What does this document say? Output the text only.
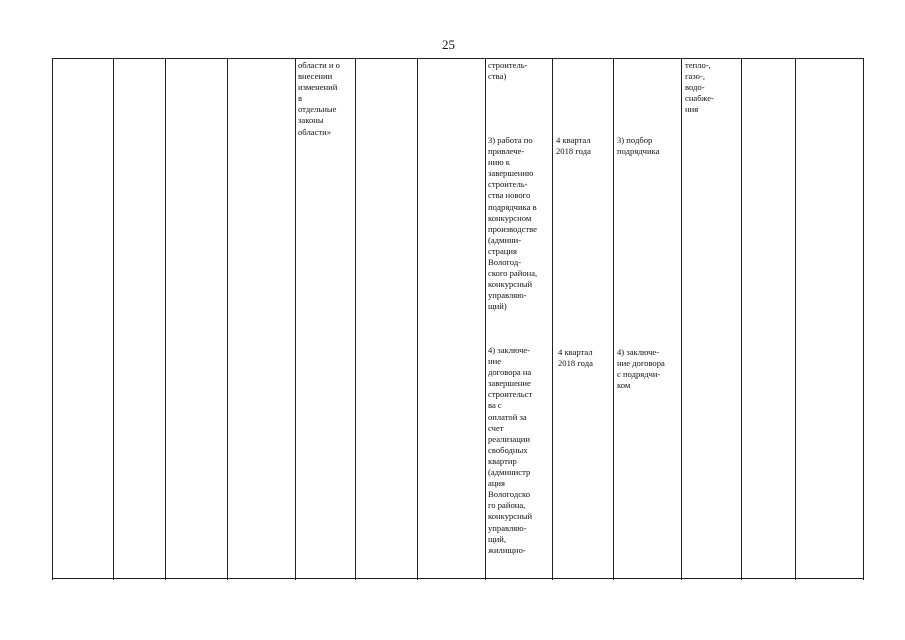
25
области и о
внесении
изменений
в
отдельные
законы
области»
строитель-
ства)
3) работа по
привлече-
нию к
завершению
строитель-
ства нового
подрядчика в
конкурсном
производстве
(админи-
страция
Вологод-
ского района,
конкурсный
управляю-
щий)
4) заключе-
ние
договора на
завершение
строительст
ва с
оплатой за
счет
реализации
свободных
квартир
(администр
ация
Вологодско
го района,
конкурсный
управляю-
щий,
жилищно-
4 квартал
2018 года
4 квартал
2018 года
3) подбор
подрядчика
4) заключе-
ние договора
с подрядчи-
ком
тепло-,
газо-,
водо-
снабже-
ния
